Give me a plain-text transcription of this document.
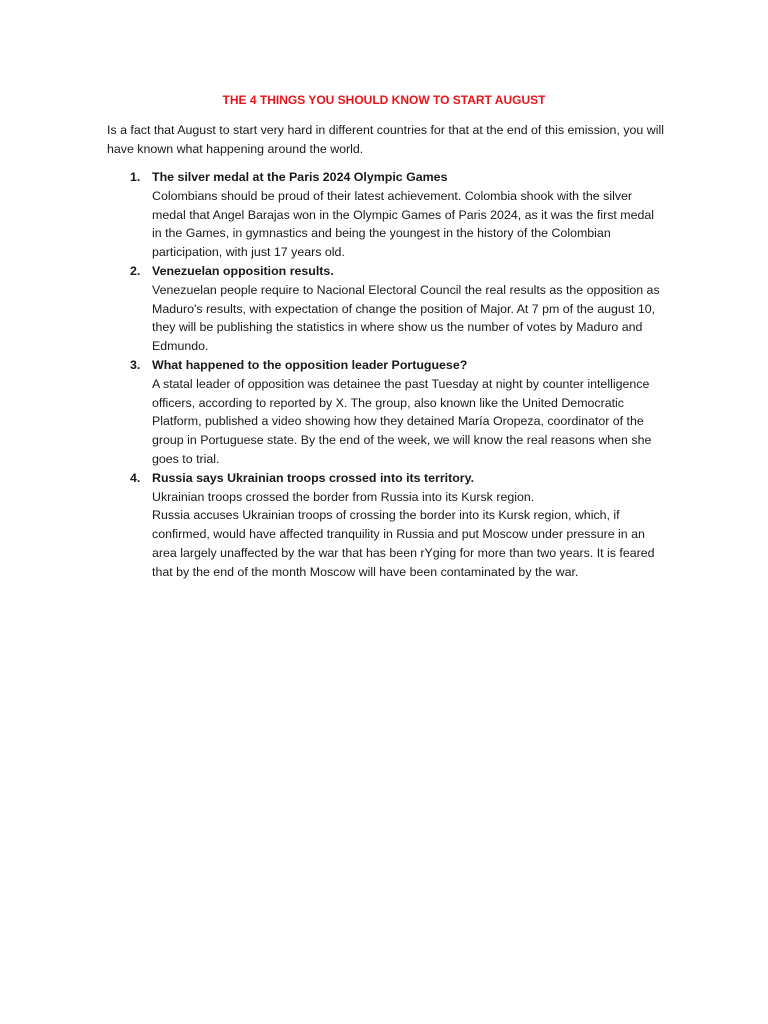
THE 4 THINGS YOU SHOULD KNOW TO START AUGUST
Is a fact that August to start very hard in different countries for that at the end of this emission, you will have known what happening around the world.
1. The silver medal at the Paris 2024 Olympic Games
Colombians should be proud of their latest achievement. Colombia shook with the silver medal that Angel Barajas won in the Olympic Games of Paris 2024, as it was the first medal in the Games, in gymnastics and being the youngest in the history of the Colombian participation, with just 17 years old.
2. Venezuelan opposition results.
Venezuelan people require to Nacional Electoral Council the real results as the opposition as Maduro's results, with expectation of change the position of Major. At 7 pm of the august 10, they will be publishing the statistics in where show us the number of votes by Maduro and Edmundo.
3. What happened to the opposition leader Portuguese?
A statal leader of opposition was detainee the past Tuesday at night by counter intelligence officers, according to reported by X. The group, also known like the United Democratic Platform, published a video showing how they detained María Oropeza, coordinator of the group in Portuguese state. By the end of the week, we will know the real reasons when she goes to trial.
4. Russia says Ukrainian troops crossed into its territory.
Ukrainian troops crossed the border from Russia into its Kursk region.
Russia accuses Ukrainian troops of crossing the border into its Kursk region, which, if confirmed, would have affected tranquility in Russia and put Moscow under pressure in an area largely unaffected by the war that has been rYging for more than two years. It is feared that by the end of the month Moscow will have been contaminated by the war.
